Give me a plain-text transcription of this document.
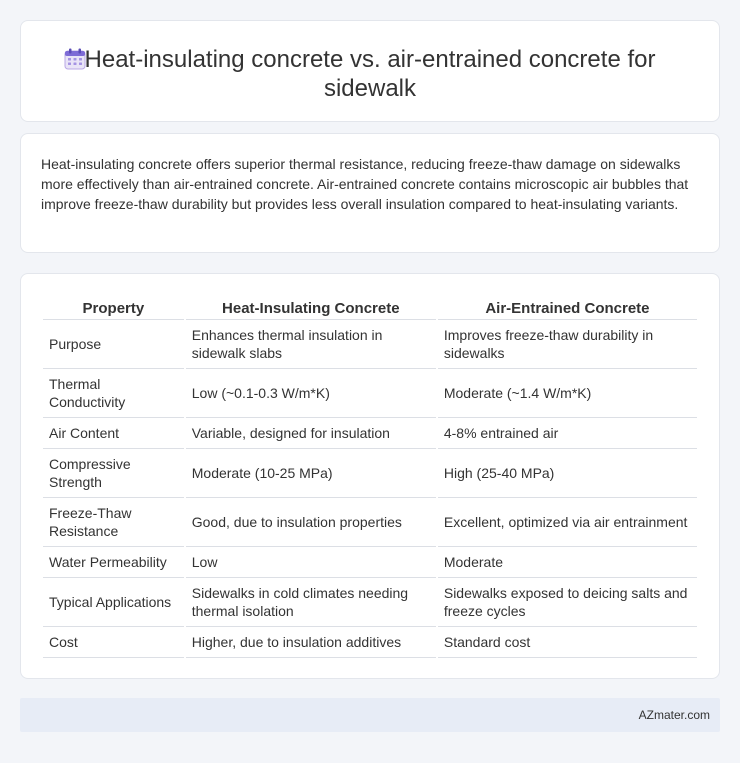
Heat-insulating concrete vs. air-entrained concrete for sidewalk

Heat-insulating concrete offers superior thermal resistance, reducing freeze-thaw damage on sidewalks more effectively than air-entrained concrete. Air-entrained concrete contains microscopic air bubbles that improve freeze-thaw durability but provides less overall insulation compared to heat-insulating variants.

Property	Heat-Insulating Concrete	Air-Entrained Concrete
Purpose	Enhances thermal insulation in sidewalk slabs	Improves freeze-thaw durability in sidewalks
Thermal Conductivity	Low (~0.1-0.3 W/m*K)	Moderate (~1.4 W/m*K)
Air Content	Variable, designed for insulation	4-8% entrained air
Compressive Strength	Moderate (10-25 MPa)	High (25-40 MPa)
Freeze-Thaw Resistance	Good, due to insulation properties	Excellent, optimized via air entrainment
Water Permeability	Low	Moderate
Typical Applications	Sidewalks in cold climates needing thermal isolation	Sidewalks exposed to deicing salts and freeze cycles
Cost	Higher, due to insulation additives	Standard cost
AZmater.com
